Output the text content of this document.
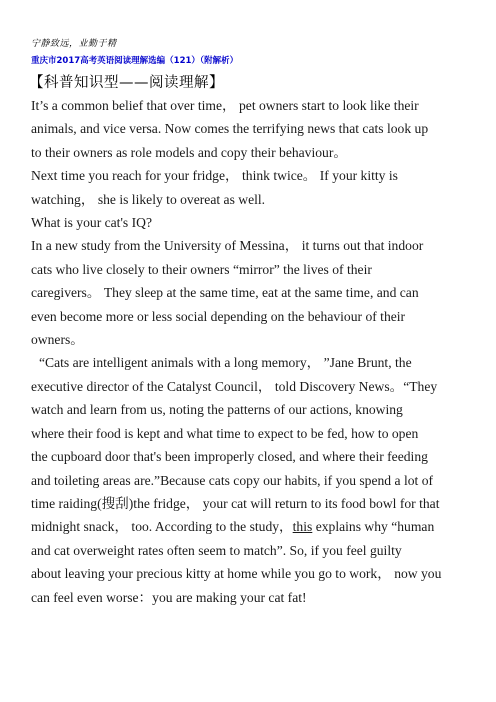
宁静致远，业勤于精
重庆市2017高考英语阅读理解选编（121）（附解析）
【科普知识型——阅读理解】

It’s a common belief that over time， pet owners start to look like their
animals, and vice versa. Now comes the terrifying news that cats look up
to their owners as role models and copy their behaviour。

Next time you reach for your fridge， think twice。 If your kitty is
watching， she is likely to overeat as well.

What is your cat's IQ?

In a new study from the University of Messina， it turns out that indoor
cats who live closely to their owners “mirror” the lives of their
caregivers。 They sleep at the same time, eat at the same time, and can
even become more or less social depending on the behaviour of their
owners。

“Cats are intelligent animals with a long memory， ”Jane Brunt, the
executive director of the Catalyst Council， told Discovery News。“They
watch and learn from us, noting the patterns of our actions, knowing
where their food is kept and what time to expect to be fed, how to open
the cupboard door that's been improperly closed, and where their feeding
and toileting areas are.”Because cats copy our habits, if you spend a lot of
time raiding(搜刮)the fridge， your cat will return to its food bowl for that
midnight snack， too. According to the study，this explains why “human
and cat overweight rates often seem to match”. So, if you feel guilty
about leaving your precious kitty at home while you go to work， now you
can feel even worse：you are making your cat fat!
